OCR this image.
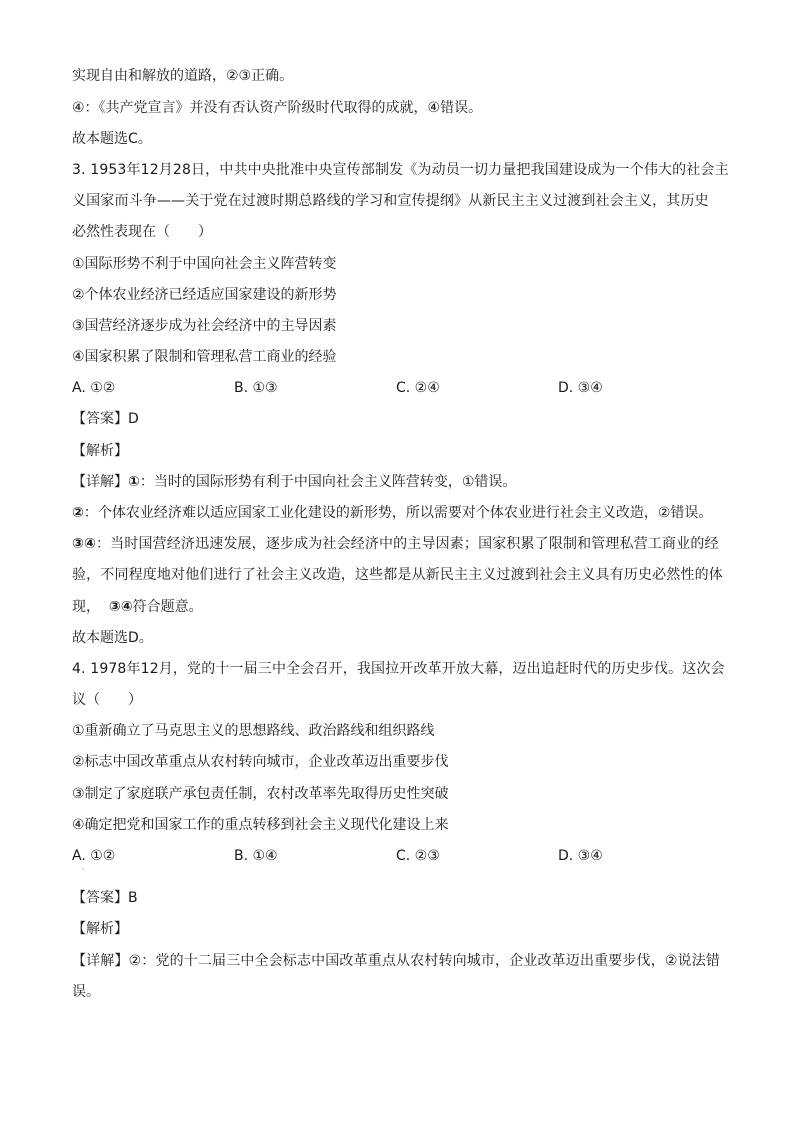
实现自由和解放的道路，②③正确。
④：《共产党宣言》并没有否认资产阶级时代取得的成就，④错误。
故本题选C。
3. 1953年12月28日，中共中央批准中央宣传部制发《为动员一切力量把我国建设成为一个伟大的社会主
义国家而斗争——关于党在过渡时期总路线的学习和宣传提纲》从新民主主义过渡到社会主义，其历史
必然性表现在（　　）
①国际形势不利于中国向社会主义阵营转变
②个体农业经济已经适应国家建设的新形势
③国营经济逐步成为社会经济中的主导因素
④国家积累了限制和管理私营工商业的经验
A. ①②	B. ①③	C. ②④	D. ③④
【答案】D
【解析】
【详解】①：当时的国际形势有利于中国向社会主义阵营转变，①错误。
②：个体农业经济难以适应国家工业化建设的新形势，所以需要对个体农业进行社会主义改造，②错误。
③④：当时国营经济迅速发展，逐步成为社会经济中的主导因素；国家积累了限制和管理私营工商业的经
验，不同程度地对他们进行了社会主义改造，这些都是从新民主主义过渡到社会主义具有历史必然性的体
现， ③④符合题意。
故本题选D。
4. 1978年12月，党的十一届三中全会召开，我国拉开改革开放大幕，迈出追赶时代的历史步伐。这次会
议（　　）
①重新确立了马克思主义的思想路线、政治路线和组织路线
②标志中国改革重点从农村转向城市，企业改革迈出重要步伐
③制定了家庭联产承包责任制，农村改革率先取得历史性突破
④确定把党和国家工作的重点转移到社会主义现代化建设上来
A. ①②	B. ①④	C. ②③	D. ③④
·
【答案】B
【解析】
【详解】②：党的十二届三中全会标志中国改革重点从农村转向城市，企业改革迈出重要步伐，②说法错
误。
